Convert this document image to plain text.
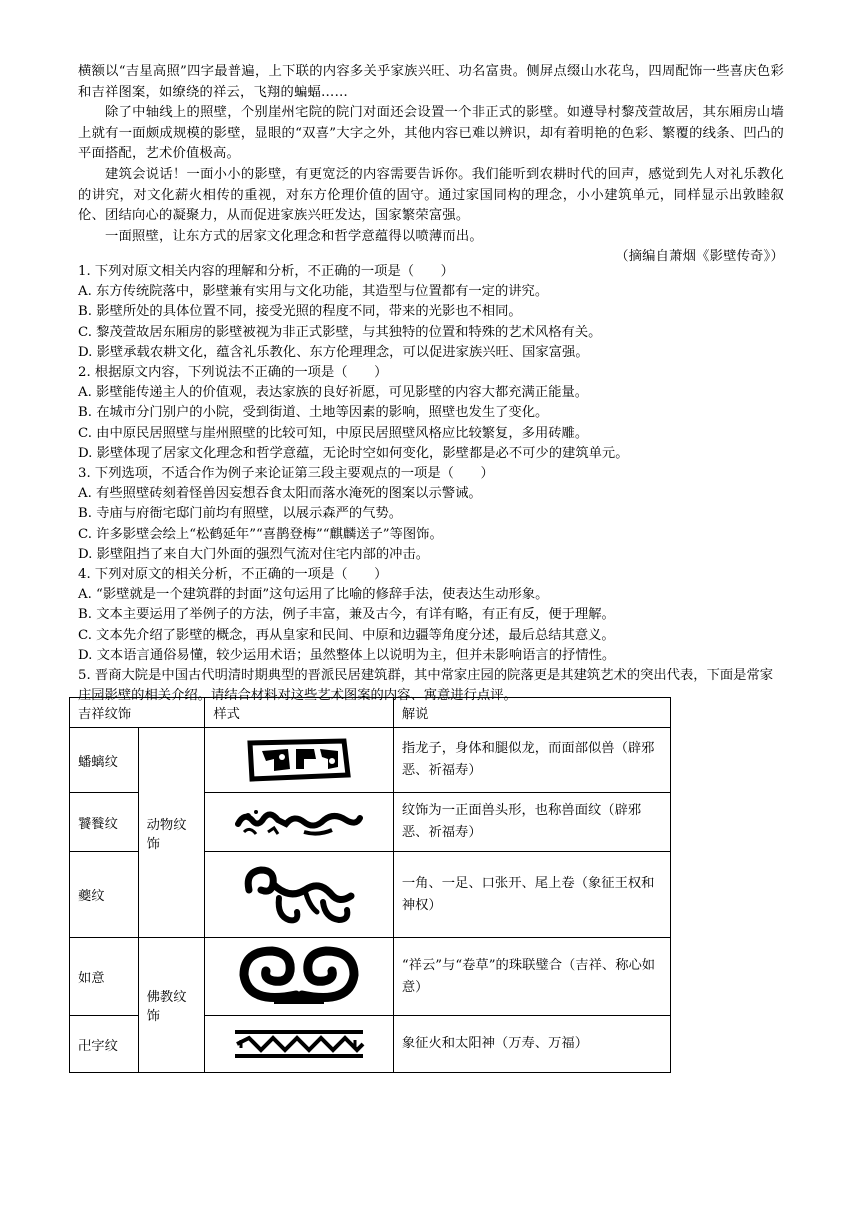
横额以“吉星高照”四字最普遍，上下联的内容多关乎家族兴旺、功名富贵。侧屏点缀山水花鸟，四周配饰一些喜庆色彩和吉祥图案，如缭绕的祥云，飞翔的蝙蝠……

除了中轴线上的照壁，个别崖州宅院的院门对面还会设置一个非正式的影壁。如遵导村黎茂萱故居，其东厢房山墙上就有一面颇成规模的影壁，显眼的“双喜”大字之外，其他内容已难以辨识，却有着明艳的色彩、繁覆的线条、凹凸的平面搭配，艺术价值极高。

建筑会说话！一面小小的影壁，有更宽泛的内容需要告诉你。我们能听到农耕时代的回声，感觉到先人对礼乐教化的讲究，对文化薪火相传的重视，对东方伦理价值的固守。通过家国同构的理念，小小建筑单元，同样显示出敦睦叙伦、团结向心的凝聚力，从而促进家族兴旺发达，国家繁荣富强。

一面照壁，让东方式的居家文化理念和哲学意蕴得以喷薄而出。

（摘编自萧烟《影壁传奇》）

1. 下列对原文相关内容的理解和分析，不正确的一项是（　　）
A. 东方传统院落中，影壁兼有实用与文化功能，其造型与位置都有一定的讲究。
B. 影壁所处的具体位置不同，接受光照的程度不同，带来的光影也不相同。
C. 黎茂萱故居东厢房的影壁被视为非正式影壁，与其独特的位置和特殊的艺术风格有关。
D. 影壁承载农耕文化，蕴含礼乐教化、东方伦理理念，可以促进家族兴旺、国家富强。
2. 根据原文内容，下列说法不正确的一项是（　　）
A. 影壁能传递主人的价值观，表达家族的良好祈愿，可见影壁的内容大都充满正能量。
B. 在城市分门别户的小院，受到街道、土地等因素的影响，照壁也发生了变化。
C. 由中原民居照壁与崖州照壁的比较可知，中原民居照壁风格应比较繁复，多用砖雕。
D. 影壁体现了居家文化理念和哲学意蕴，无论时空如何变化，影壁都是必不可少的建筑单元。
3. 下列选项，不适合作为例子来论证第三段主要观点的一项是（　　）
A. 有些照壁砖刻着怪兽因妄想吞食太阳而落水淹死的图案以示警诫。
B. 寺庙与府衙宅邸门前均有照壁，以展示森严的气势。
C. 许多影壁会绘上“松鹤延年”“喜鹊登梅”“麒麟送子”等图饰。
D. 影壁阻挡了来自大门外面的强烈气流对住宅内部的冲击。
4. 下列对原文的相关分析，不正确的一项是（　　）
A. “影壁就是一个建筑群的封面”这句运用了比喻的修辞手法，使表达生动形象。
B. 文本主要运用了举例子的方法，例子丰富，兼及古今，有详有略，有正有反，便于理解。
C. 文本先介绍了影壁的概念，再从皇家和民间、中原和边疆等角度分述，最后总结其意义。
D. 文本语言通俗易懂，较少运用术语；虽然整体上以说明为主，但并未影响语言的抒情性。
5. 晋商大院是中国古代明清时期典型的晋派民居建筑群，其中常家庄园的院落更是其建筑艺术的突出代表，下面是常家庄园影壁的相关介绍。请结合材料对这些艺术图案的内容、寓意进行点评。
吉祥纹饰		样式	解说
蟠螭纹	动物纹饰		指龙子，身体和腿似龙，而面部似兽（辟邪恶、祈福寿）
饕餮纹			纹饰为一正面兽头形，也称兽面纹（辟邪恶、祈福寿）
夔纹			一角、一足、口张开、尾上卷（象征王权和神权）
如意	佛教纹饰		“祥云”与“卷草”的珠联璧合（吉祥、称心如意）
卍字纹			象征火和太阳神（万寿、万福）
